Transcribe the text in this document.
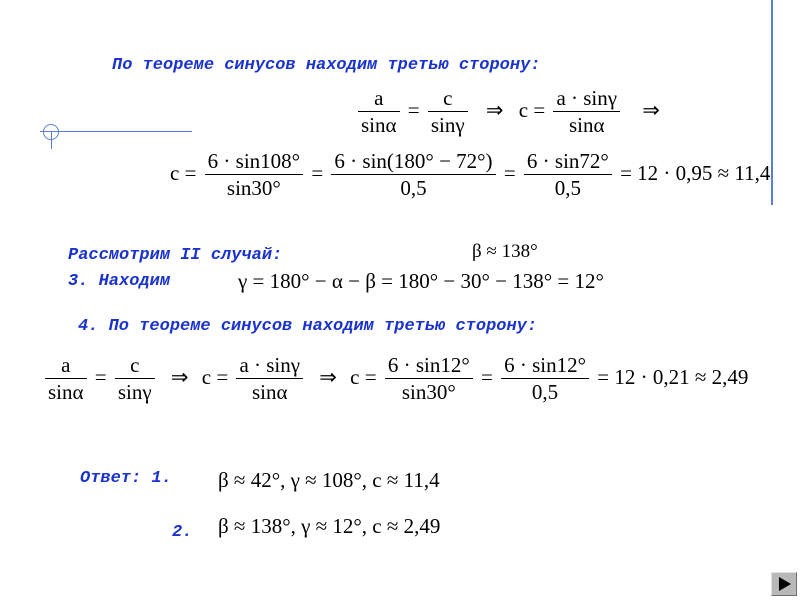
По теореме синусов находим третью сторону:
$\frac{a}{\sin\alpha} = \frac{c}{\sin\gamma}$ ⇒ $c = \frac{a \cdot \sin\gamma}{\sin\alpha}$ ⇒
$c = \frac{6 \cdot \sin 108^\circ}{\sin 30^\circ} = \frac{6 \cdot \sin(180^\circ - 72^\circ)}{0,5} = \frac{6 \cdot \sin 72^\circ}{0,5} = 12 \cdot 0,95 \approx 11,4$
Рассмотрим II случай:	β ≈ 138°
3. Находим	γ = 180° − α − β = 180° − 30° − 138° = 12°
4. По теореме синусов находим третью сторону:
$\frac{a}{\sin\alpha} = \frac{c}{\sin\gamma}$ ⇒ $c = \frac{a \cdot \sin\gamma}{\sin\alpha}$ ⇒ $c = \frac{6 \cdot \sin 12^\circ}{\sin 30^\circ} = \frac{6 \cdot \sin 12^\circ}{0,5} = 12 \cdot 0,21 \approx 2,49$
Ответ: 1. β ≈ 42°, γ ≈ 108°, c ≈ 11,4
2. β ≈ 138°, γ ≈ 12°, c ≈ 2,49
